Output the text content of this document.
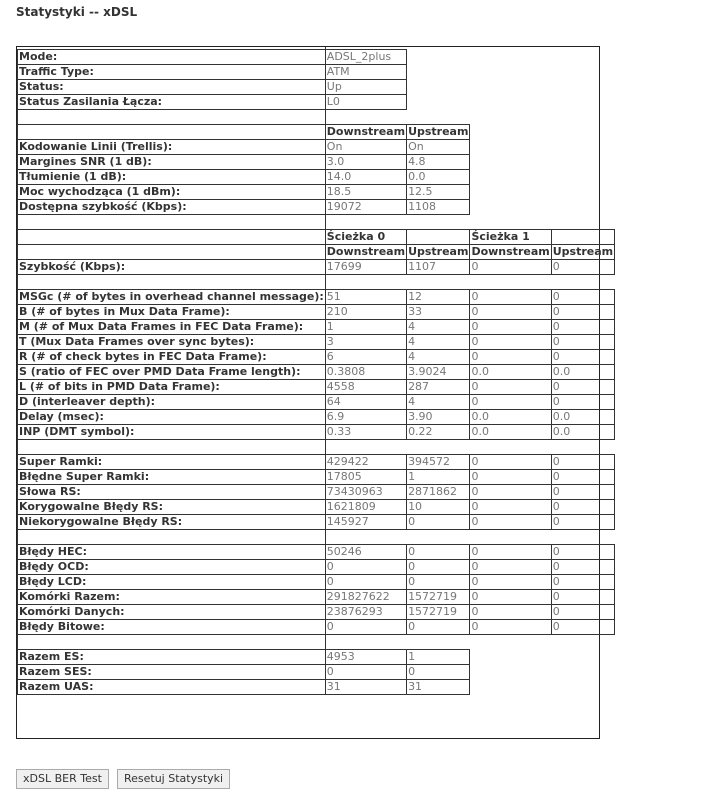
Statystyki -- xDSL

Mode:	ADSL_2plus			
Traffic Type:	ATM			
Status:	Up			
Status Zasilania Łącza:	L0			

	Downstream	Upstream		
Kodowanie Linii (Trellis):	On	On		
Margines SNR (1 dB):	3.0	4.8		
Tłumienie (1 dB):	14.0	0.0		
Moc wychodząca (1 dBm):	18.5	12.5		
Dostępna szybkość (Kbps):	19072	1108		

	Ścieżka 0		Ścieżka 1	
	Downstream	Upstream	Downstream	Upstream
Szybkość (Kbps):	17699	1107	0	0

MSGc (# of bytes in overhead channel message):	51	12	0	0
B (# of bytes in Mux Data Frame):	210	33	0	0
M (# of Mux Data Frames in FEC Data Frame):	1	4	0	0
T (Mux Data Frames over sync bytes):	3	4	0	0
R (# of check bytes in FEC Data Frame):	6	4	0	0
S (ratio of FEC over PMD Data Frame length):	0.3808	3.9024	0.0	0.0
L (# of bits in PMD Data Frame):	4558	287	0	0
D (interleaver depth):	64	4	0	0
Delay (msec):	6.9	3.90	0.0	0.0
INP (DMT symbol):	0.33	0.22	0.0	0.0

Super Ramki:	429422	394572	0	0
Błędne Super Ramki:	17805	1	0	0
Słowa RS:	73430963	2871862	0	0
Korygowalne Błędy RS:	1621809	10	0	0
Niekorygowalne Błędy RS:	145927	0	0	0

Błędy HEC:	50246	0	0	0
Błędy OCD:	0	0	0	0
Błędy LCD:	0	0	0	0
Komórki Razem:	291827622	1572719	0	0
Komórki Danych:	23876293	1572719	0	0
Błędy Bitowe:	0	0	0	0

Razem ES:	4953	1		
Razem SES:	0	0		
Razem UAS:	31	31		
xDSL BER Test Resetuj Statystyki
